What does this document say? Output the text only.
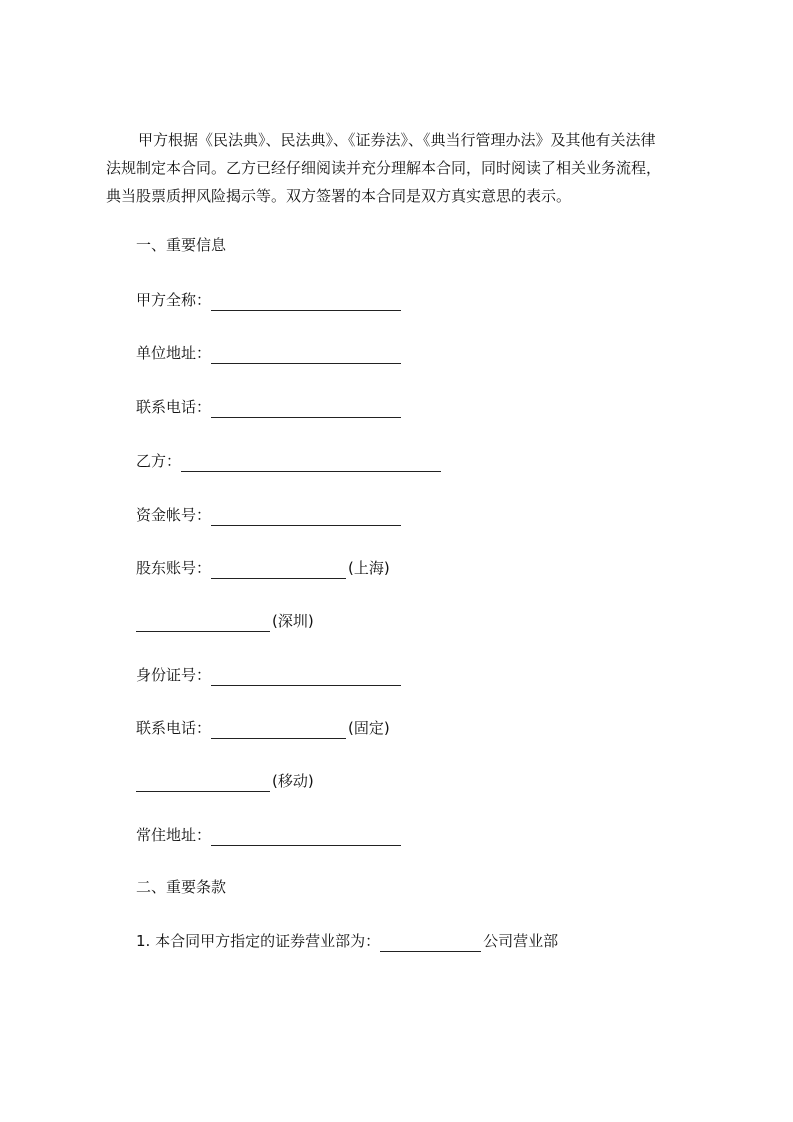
甲方根据《民法典》、民法典》、《证券法》、《典当行管理办法》及其他有关法律
法规制定本合同。乙方已经仔细阅读并充分理解本合同，同时阅读了相关业务流程，
典当股票质押风险揭示等。双方签署的本合同是双方真实意思的表示。
一、重要信息
甲方全称：
单位地址：
联系电话：
乙方：
资金帐号：
股东账号：	(上海)
(深圳)
身份证号：
联系电话：	(固定)
(移动)
常住地址：
二、重要条款
1. 本合同甲方指定的证券营业部为：	公司营业部
